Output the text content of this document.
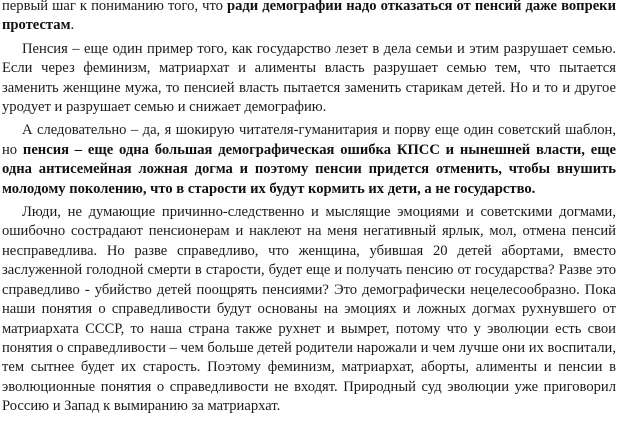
первый шаг к пониманию того, что ради демографии надо отказаться от пенсий даже вопреки протестам.

Пенсия – еще один пример того, как государство лезет в дела семьи и этим разрушает семью. Если через феминизм, матриархат и алименты власть разрушает семью тем, что пытается заменить женщине мужа, то пенсией власть пытается заменить старикам детей. Но и то и другое уродует и разрушает семью и снижает демографию.

А следовательно – да, я шокирую читателя-гуманитария и порву еще один советский шаблон, но пенсия – еще одна большая демографическая ошибка КПСС и нынешней власти, еще одна антисемейная ложная догма и поэтому пенсии придется отменить, чтобы внушить молодому поколению, что в старости их будут кормить их дети, а не государство.

Люди, не думающие причинно-следственно и мыслящие эмоциями и советскими догмами, ошибочно сострадают пенсионерам и наклеют на меня негативный ярлык, мол, отмена пенсий несправедлива. Но разве справедливо, что женщина, убившая 20 детей абортами, вместо заслуженной голодной смерти в старости, будет еще и получать пенсию от государства? Разве это справедливо - убийство детей поощрять пенсиями? Это демографически нецелесообразно. Пока наши понятия о справедливости будут основаны на эмоциях и ложных догмах рухнувшего от матриархата СССР, то наша страна также рухнет и вымрет, потому что у эволюции есть свои понятия о справедливости – чем больше детей родители нарожали и чем лучше они их воспитали, тем сытнее будет их старость. Поэтому феминизм, матриархат, аборты, алименты и пенсии в эволюционные понятия о справедливости не входят. Природный суд эволюции уже приговорил Россию и Запад к вымиранию за матриархат.
